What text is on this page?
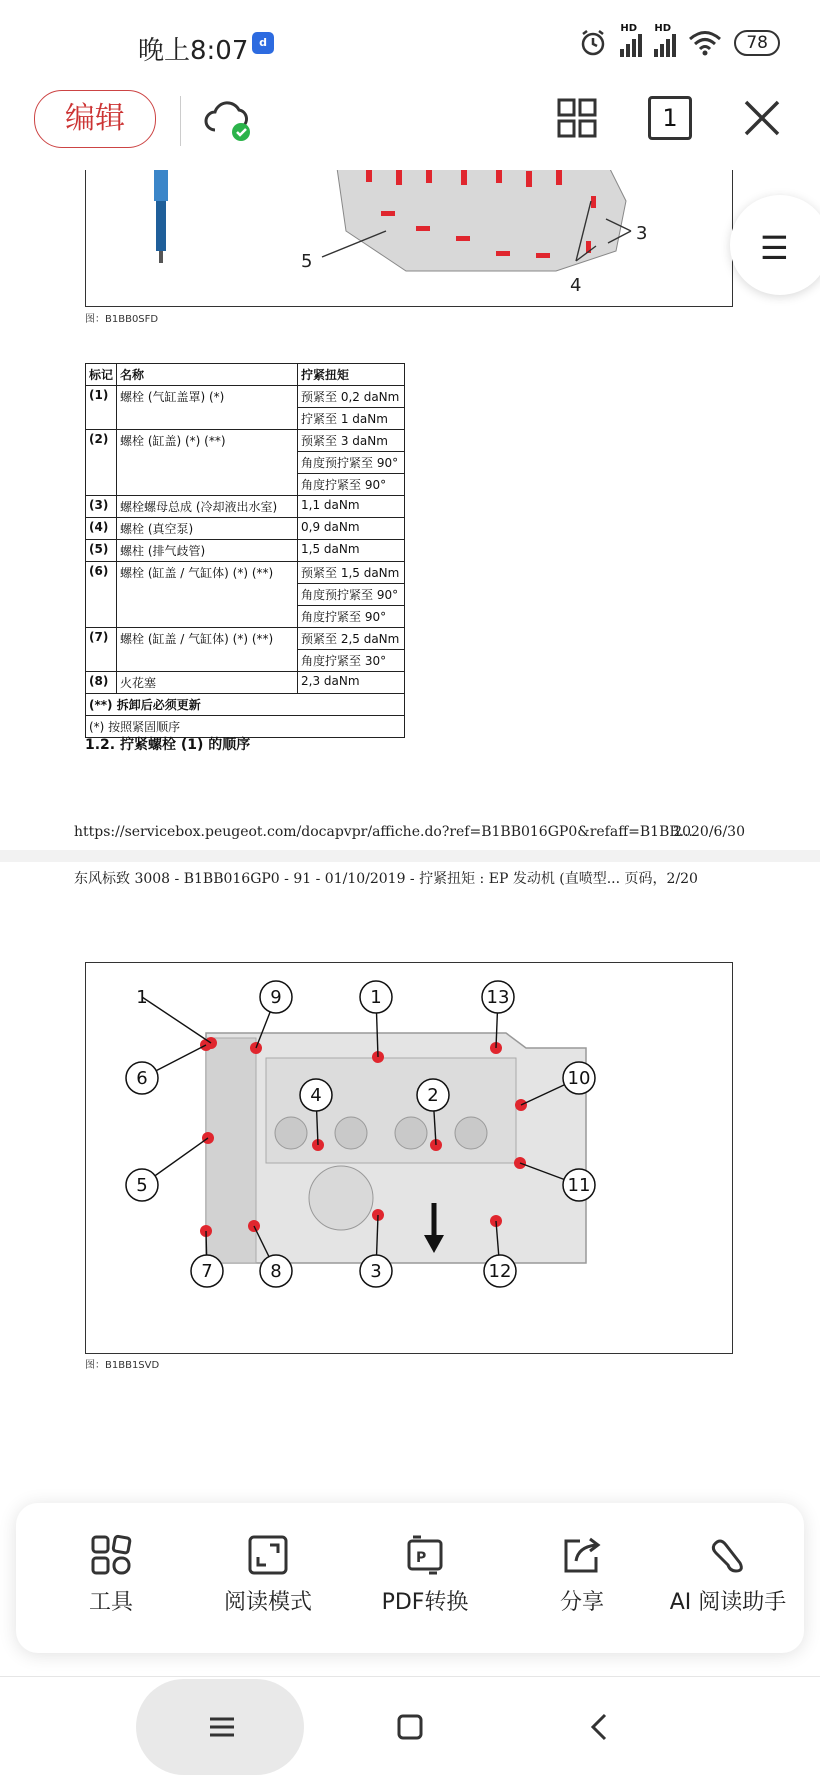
晚上8:07 d
HD HD
78
编辑	1
5
4
3
图：B1BB0SFD
标记	名称	拧紧扭矩
(1)	螺栓 (气缸盖罩) (*)	预紧至 0,2 daNm
		拧紧至 1 daNm
(2)	螺栓 (缸盖) (*) (**)	预紧至 3 daNm
		角度预拧紧至 90°
		角度拧紧至 90°
(3)	螺栓螺母总成 (冷却液出水室)	1,1 daNm
(4)	螺栓 (真空泵)	0,9 daNm
(5)	螺柱 (排气歧管)	1,5 daNm
(6)	螺栓 (缸盖 / 气缸体) (*) (**)	预紧至 1,5 daNm
		角度预拧紧至 90°
		角度拧紧至 90°
(7)	螺栓 (缸盖 / 气缸体) (*) (**)	预紧至 2,5 daNm
		角度拧紧至 30°
(8)	火花塞	2,3 daNm
(**) 拆卸后必须更新		
(*) 按照紧固顺序		
1.2. 拧紧螺栓 (1) 的顺序
https://servicebox.peugeot.com/docapvpr/affiche.do?ref=B1BB016GP0&refaff=B1BB...
2020/6/30
东风标致 3008 - B1BB016GP0 - 91 - 01/10/2019 - 拧紧扭矩 : EP 发动机 (直喷型... 页码，2/20
1	9	1	13
6
4	2
10
5	11
7	8	3	12
图：B1BB1SVD
☰
工具	阅读模式
P
PDF转换	分享	AI 阅读助手
